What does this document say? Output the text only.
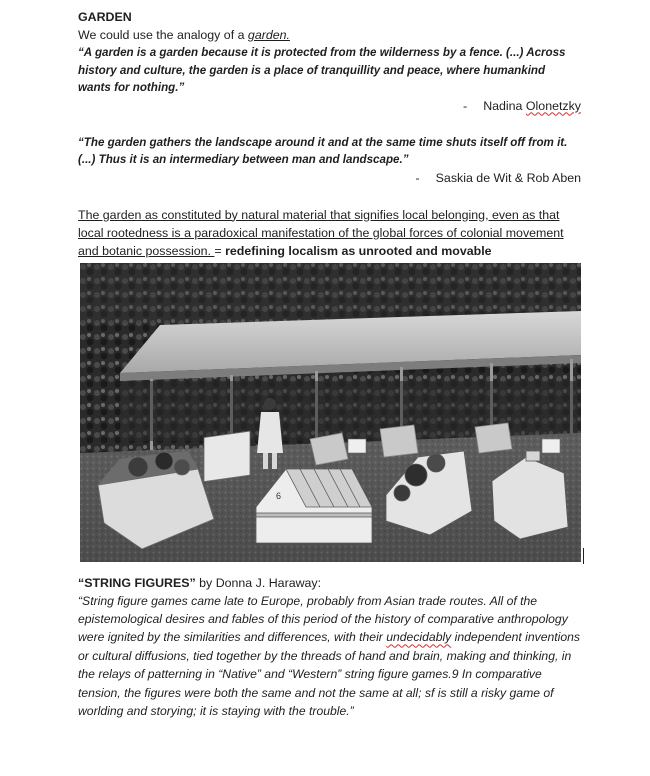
GARDEN

We could use the analogy of a garden.

“A garden is a garden because it is protected from the wilderness by a fence. (...) Across history and culture, the garden is a place of tranquillity and peace, where humankind wants for nothing.”

- Nadina Olonetzky

“The garden gathers the landscape around it and at the same time shuts itself off from it. (...) Thus it is an intermediary between man and landscape.”

- Saskia de Wit & Rob Aben

The garden as constituted by natural material that signifies local belonging, even as that local rootedness is a paradoxical manifestation of the global forces of colonial movement and botanic possession. = redefining localism as unrooted and movable

6

“STRING FIGURES” by Donna J. Haraway:

“String figure games came late to Europe, probably from Asian trade routes. All of the epistemological desires and fables of this period of the history of comparative anthropology were ignited by the similarities and differences, with their undecidably independent inventions or cultural diffusions, tied together by the threads of hand and brain, making and thinking, in the relays of patterning in “Native” and “Western” string figure games.9 In comparative tension, the figures were both the same and not the same at all; sf is still a risky game of worlding and storying; it is staying with the trouble.”
